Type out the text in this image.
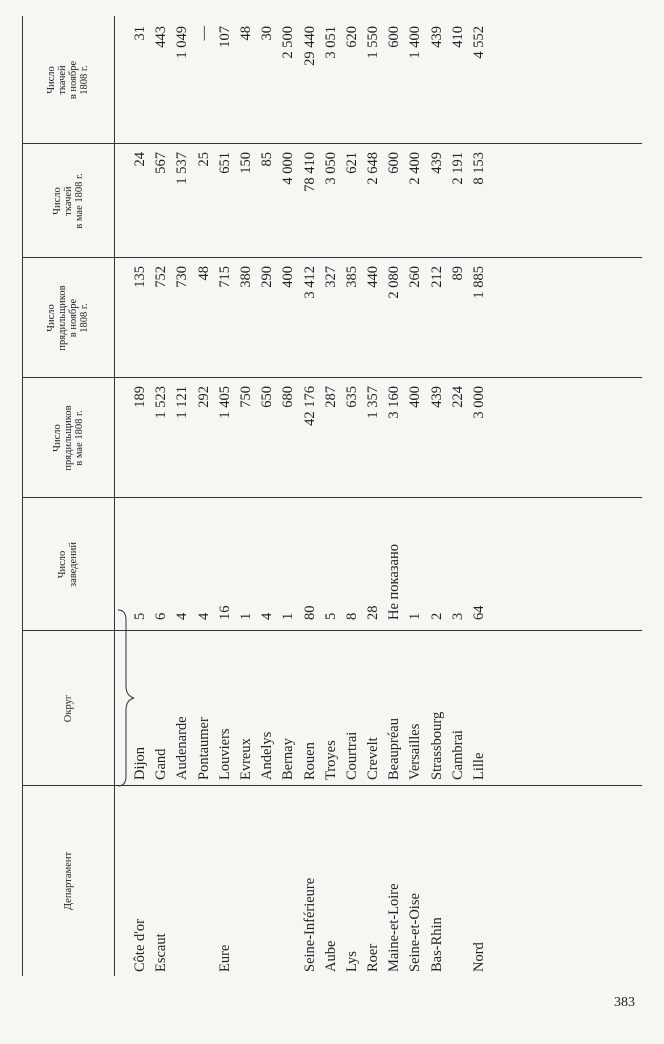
Департамент
Округ
Число
заведений
Число
прядильщиков
в мае 1808 г.
Число
прядильщиков
в ноябре
1808 г.
Число
ткачей
в мае 1808 г.
Число
ткачей
в ноябре
1808 г.
Côte d'or Escaut	Eure	Seine-Inférieure Aube Lys Roer Maine-et-Loire Seine-et-Oise Bas-Rhin Nord
Dijon Gand Audenarde Pontaumer Louviers Evreux Andelys Bernay Rouen Troyes Courtrai Crevelt Beaupréau Versailles Strassbourg Cambrai Lille
5 6 4 4 16 1 4 1 80 5 8 28 Не показано 1 2 3 64
189 1 523 1 121 292 1 405 750 650 680 42 176 287 635 1 357 3 160 400 439 224 3 000
135 752 730 48 715 380 290 400 3 412 327 385 440 2 080 260 212 89 1 885
24 567 1 537 25 651 150 85 4 000 78 410 3 050 621 2 648 600 2 400 439 2 191 8 153
31 443 1 049 — 107 48 30 2 500 29 440 3 051 620 1 550 600 1 400 439 410 4 552
383
